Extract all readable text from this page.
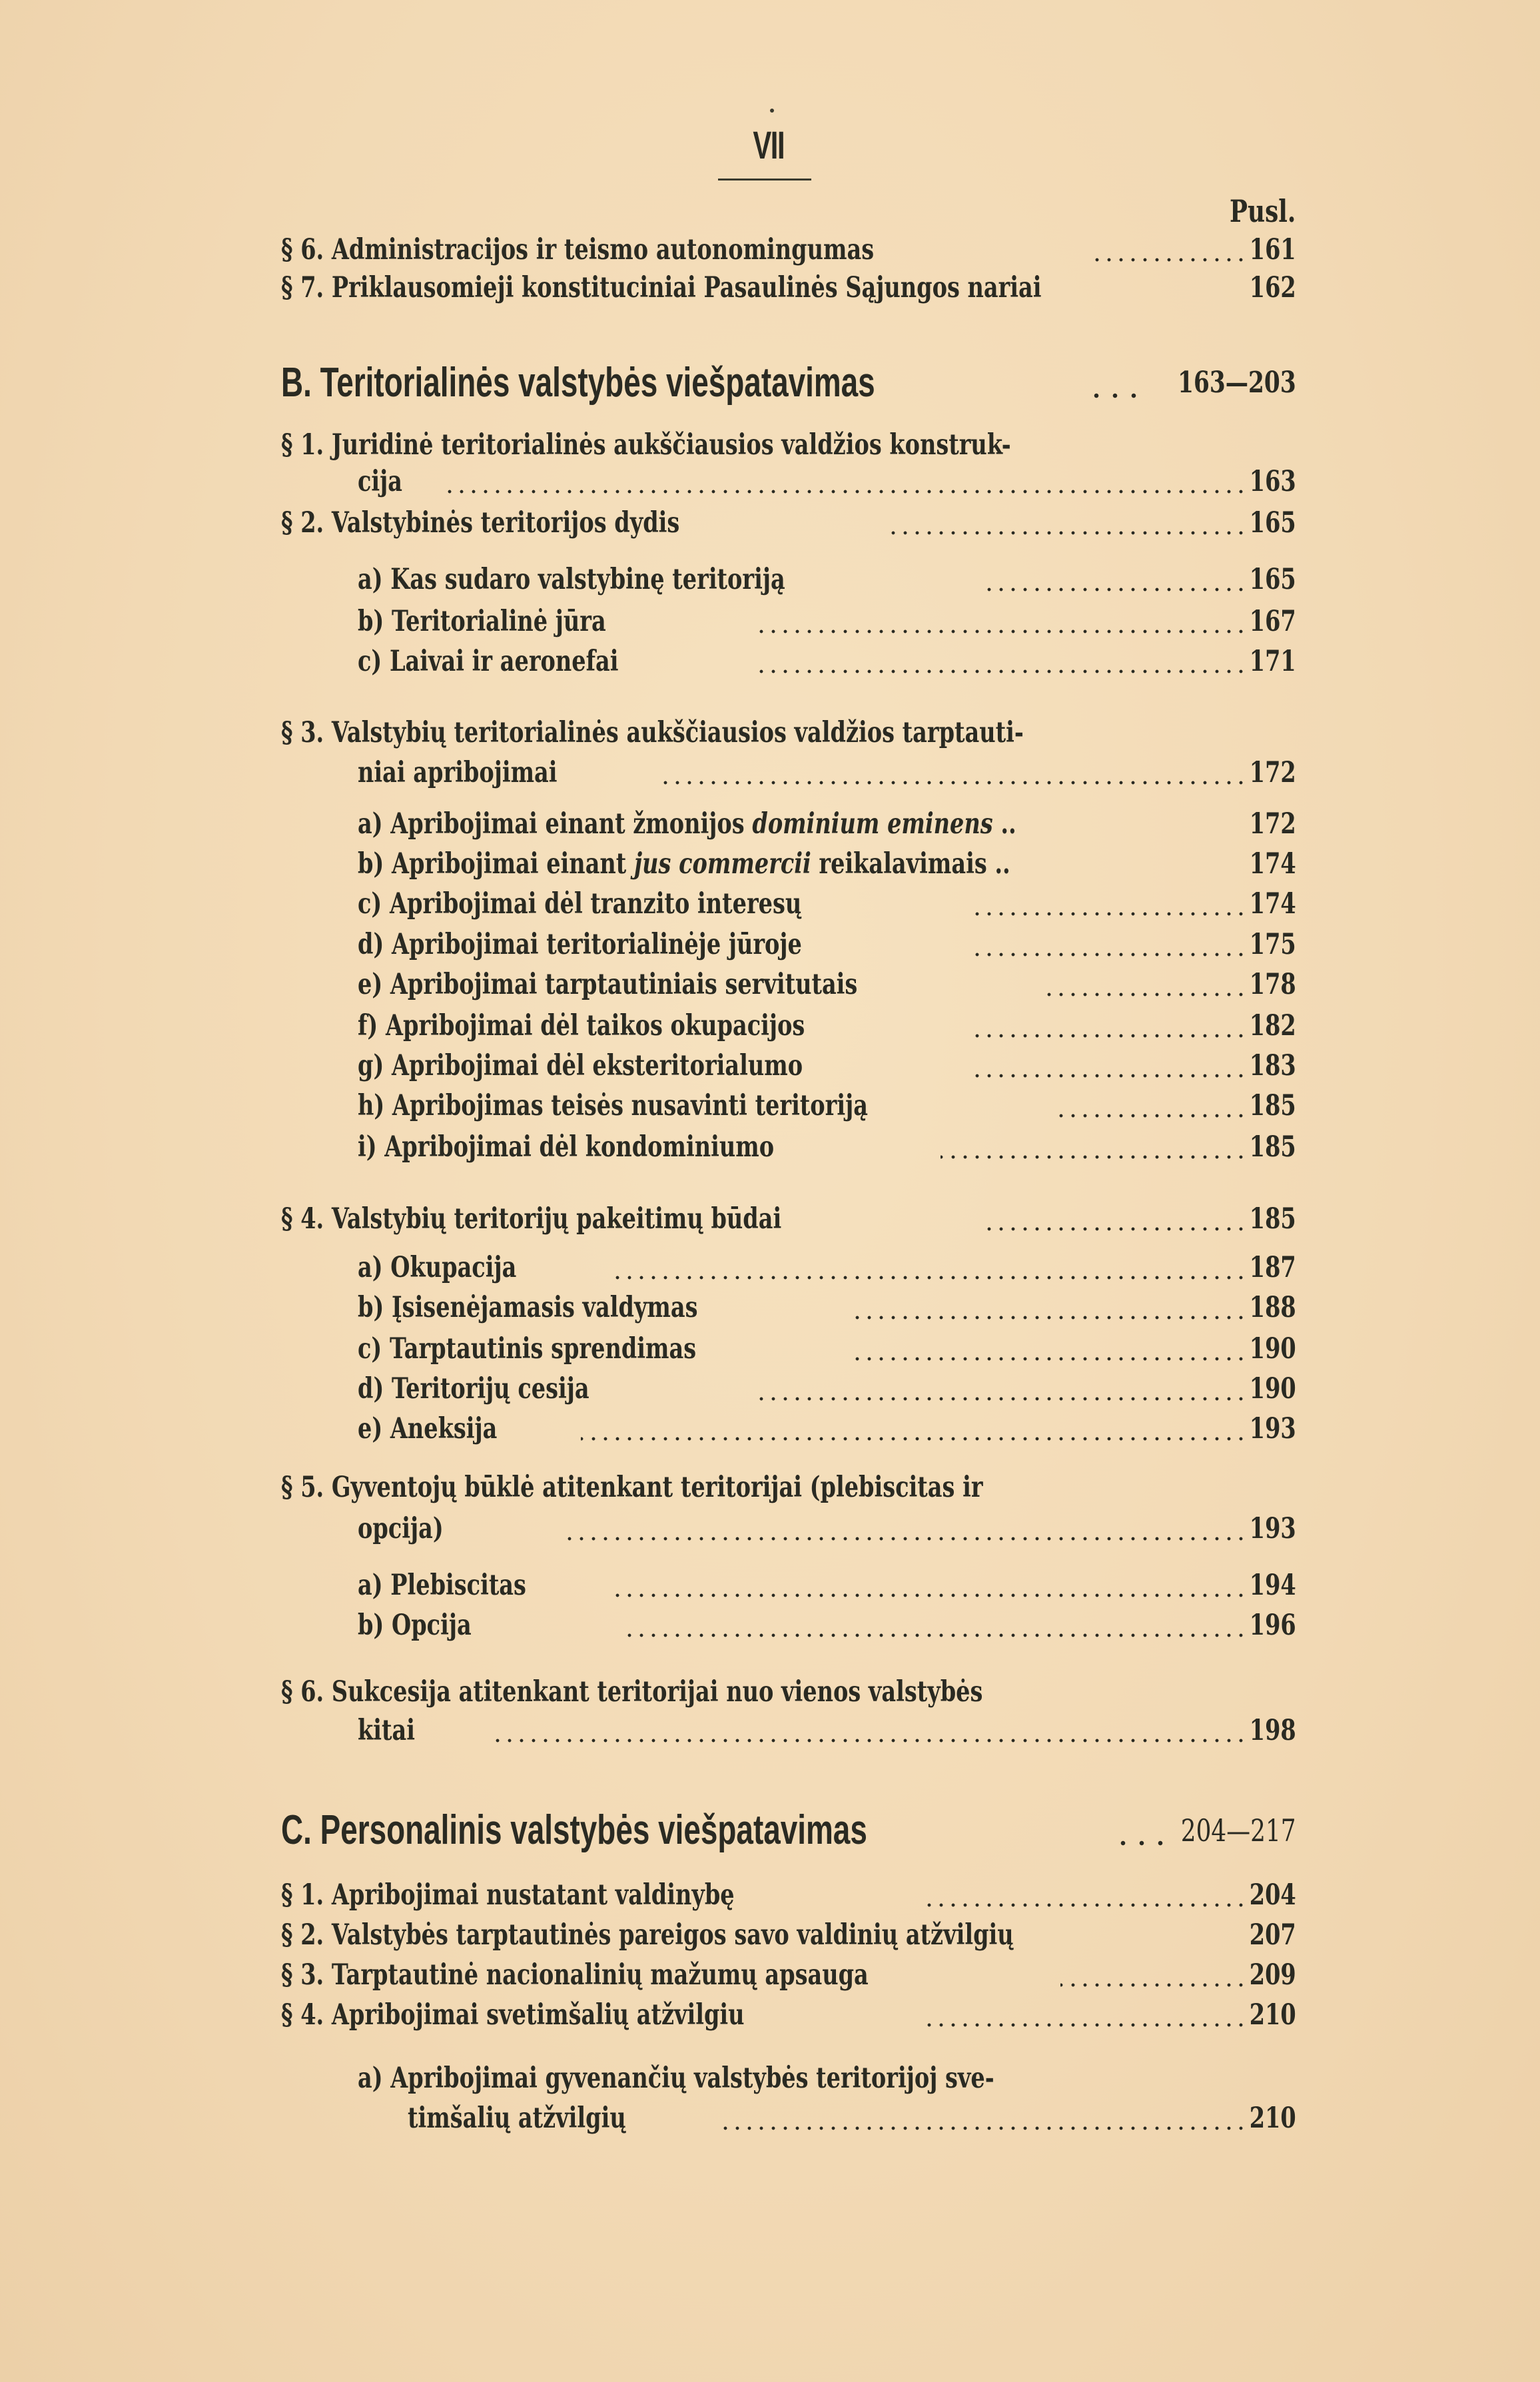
VII
Pusl.
§ 6. Administracijos ir teismo autonomingumas	161
§ 7. Priklausomieji konstituciniai Pasaulinės Sąjungos nariai	162
B. Teritorialinės valstybės viešpatavimas	163—203
§ 1. Juridinė teritorialinės aukščiausios valdžios konstruk-
cija	163
§ 2. Valstybinės teritorijos dydis	165
a) Kas sudaro valstybinę teritoriją	165
b) Teritorialinė jūra	167
c) Laivai ir aeronefai	171
§ 3. Valstybių teritorialinės aukščiausios valdžios tarptauti-
niai apribojimai	172
a) Apribojimai einant žmonijos dominium eminens ..	172
b) Apribojimai einant jus commercii reikalavimais ..	174
c) Apribojimai dėl tranzito interesų	174
d) Apribojimai teritorialinėje jūroje	175
e) Apribojimai tarptautiniais servitutais	178
f) Apribojimai dėl taikos okupacijos	182
g) Apribojimai dėl eksteritorialumo	183
h) Apribojimas teisės nusavinti teritoriją	185
i) Apribojimai dėl kondominiumo	185
§ 4. Valstybių teritorijų pakeitimų būdai	185
a) Okupacija	187
b) Įsisenėjamasis valdymas	188
c) Tarptautinis sprendimas	190
d) Teritorijų cesija	190
e) Aneksija	193
§ 5. Gyventojų būklė atitenkant teritorijai (plebiscitas ir
opcija)	193
a) Plebiscitas	194
b) Opcija	196
§ 6. Sukcesija atitenkant teritorijai nuo vienos valstybės
kitai	198
C. Personalinis valstybės viešpatavimas	204—217
§ 1. Apribojimai nustatant valdinybę	204
§ 2. Valstybės tarptautinės pareigos savo valdinių atžvilgių	207
§ 3. Tarptautinė nacionalinių mažumų apsauga	209
§ 4. Apribojimai svetimšalių atžvilgiu	210
a) Apribojimai gyvenančių valstybės teritorijoj sve-
timšalių atžvilgių	210
